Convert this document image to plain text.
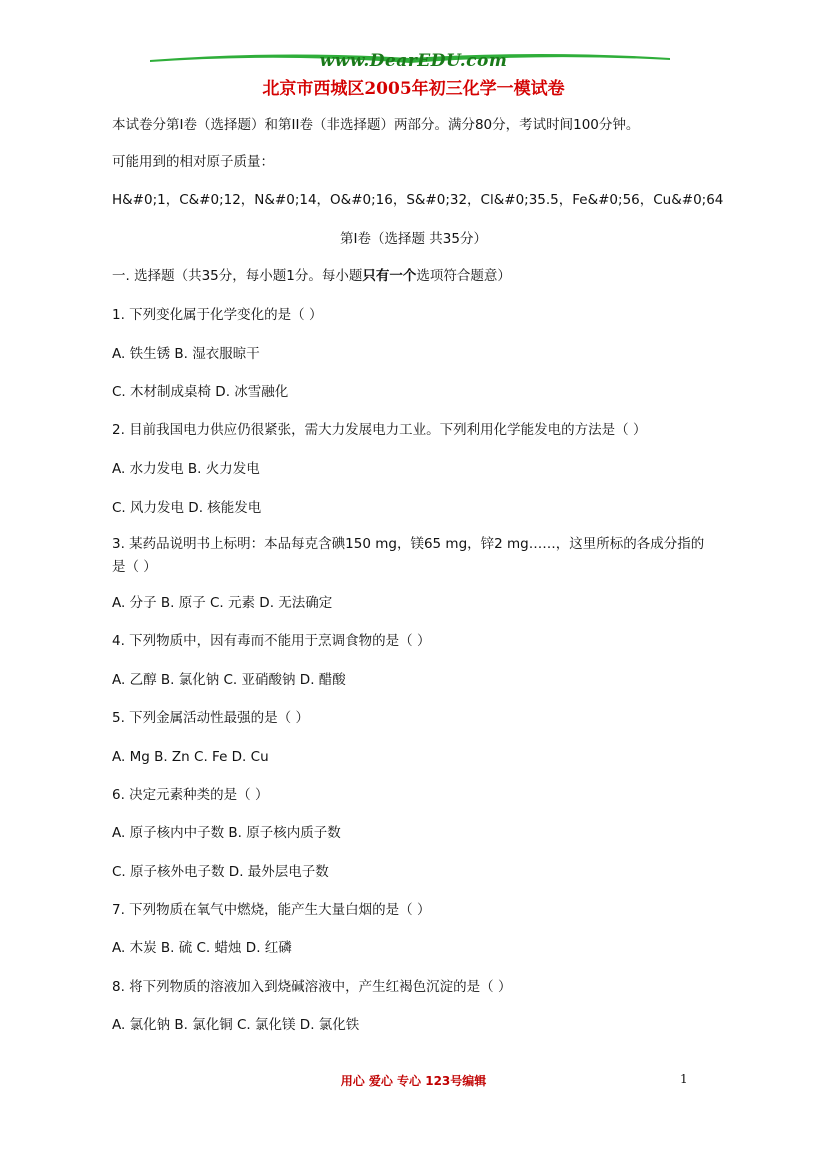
www.DearEDU.com
北京市西城区2005年初三化学一模试卷
本试卷分第I卷（选择题）和第II卷（非选择题）两部分。满分80分，考试时间100分钟。
可能用到的相对原子质量：
H&#0;1，C&#0;12，N&#0;14，O&#0;16，S&#0;32，Cl&#0;35.5，Fe&#0;56，Cu&#0;64
第I卷（选择题 共35分）
一. 选择题（共35分，每小题1分。每小题只有一个选项符合题意）
1. 下列变化属于化学变化的是（ ）
A. 铁生锈 B. 湿衣服晾干
C. 木材制成桌椅 D. 冰雪融化
2. 目前我国电力供应仍很紧张，需大力发展电力工业。下列利用化学能发电的方法是（ ）
A. 水力发电 B. 火力发电
C. 风力发电 D. 核能发电
3. 某药品说明书上标明：本品每克含碘150 mg，镁65 mg，锌2 mg……，这里所标的各成分指的是（ ）
A. 分子 B. 原子 C. 元素 D. 无法确定
4. 下列物质中，因有毒而不能用于烹调食物的是（ ）
A. 乙醇 B. 氯化钠 C. 亚硝酸钠 D. 醋酸
5. 下列金属活动性最强的是（ ）
A. Mg B. Zn C. Fe D. Cu
6. 决定元素种类的是（ ）
A. 原子核内中子数 B. 原子核内质子数
C. 原子核外电子数 D. 最外层电子数
7. 下列物质在氧气中燃烧，能产生大量白烟的是（ ）
A. 木炭 B. 硫 C. 蜡烛 D. 红磷
8. 将下列物质的溶液加入到烧碱溶液中，产生红褐色沉淀的是（ ）
A. 氯化钠 B. 氯化铜 C. 氯化镁 D. 氯化铁
用心 爱心 专心 123号编辑	1
